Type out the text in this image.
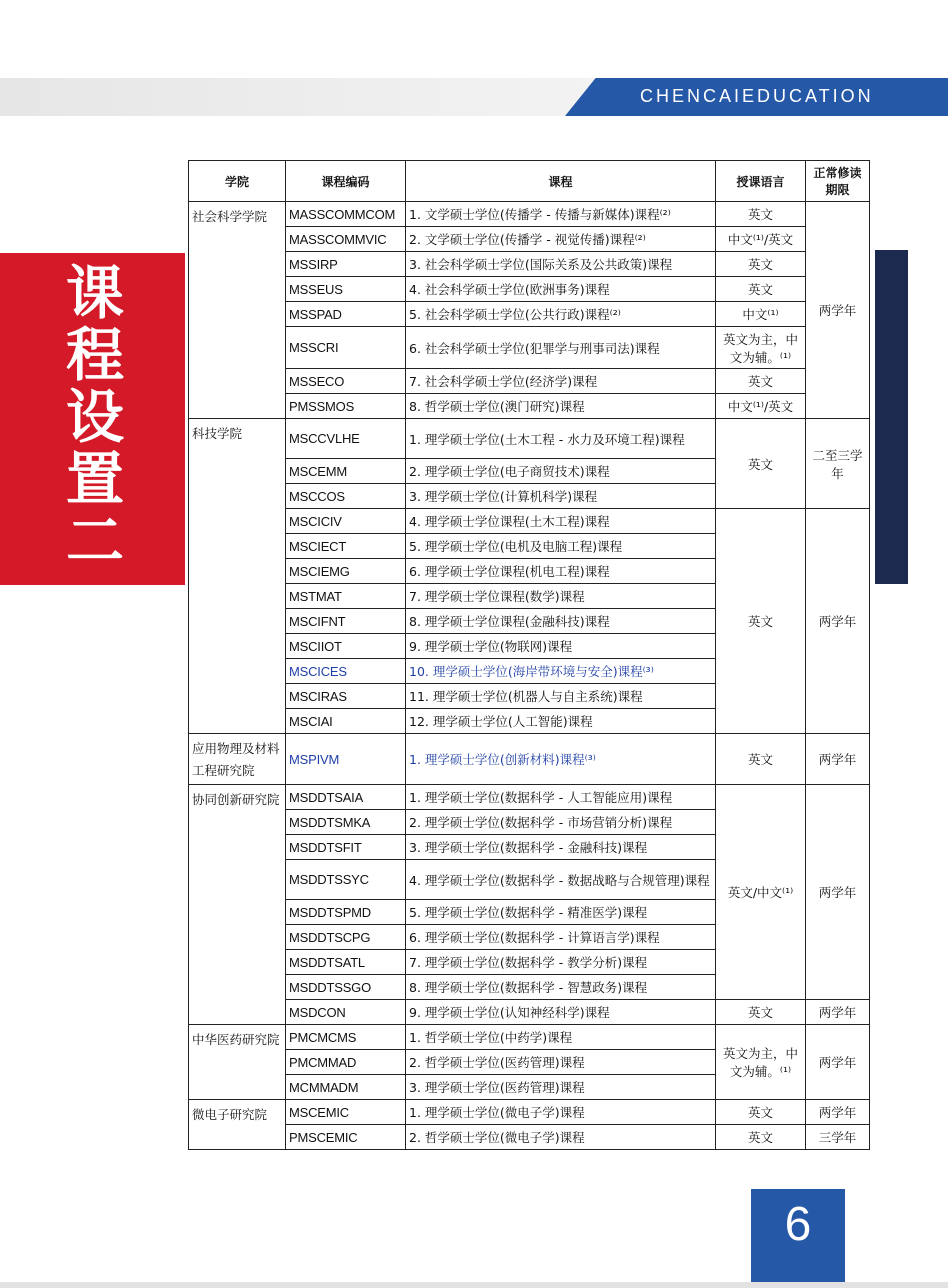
CHENCAIEDUCATION
课程设置二
学院	课程编码	课程	授课语言	正常修读期限
社会科学学院	MASSCOMMCOM	1. 文学硕士学位(传播学 - 传播与新媒体)课程⁽²⁾	英文	两学年
	MASSCOMMVIC	2. 文学硕士学位(传播学 - 视觉传播)课程⁽²⁾	中文⁽¹⁾/英文	
	MSSIRP	3. 社会科学硕士学位(国际关系及公共政策)课程	英文	
	MSSEUS	4. 社会科学硕士学位(欧洲事务)课程	英文	
	MSSPAD	5. 社会科学硕士学位(公共行政)课程⁽²⁾	中文⁽¹⁾	
	MSSCRI	6. 社会科学硕士学位(犯罪学与刑事司法)课程	英文为主，中文为辅。⁽¹⁾	
	MSSECO	7. 社会科学硕士学位(经济学)课程	英文	
	PMSSMOS	8. 哲学硕士学位(澳门研究)课程	中文⁽¹⁾/英文	
科技学院	MSCCVLHE	1. 理学硕士学位(土木工程 - 水力及环境工程)课程	英文	二至三学年
	MSCEMM	2. 理学硕士学位(电子商贸技术)课程		
	MSCCOS	3. 理学硕士学位(计算机科学)课程		
	MSCICIV	4. 理学硕士学位课程(土木工程)课程	英文	两学年
	MSCIECT	5. 理学硕士学位(电机及电脑工程)课程		
	MSCIEMG	6. 理学硕士学位课程(机电工程)课程		
	MSTMAT	7. 理学硕士学位课程(数学)课程		
	MSCIFNT	8. 理学硕士学位课程(金融科技)课程		
	MSCIIOT	9. 理学硕士学位(物联网)课程		
	MSCICES	10. 理学硕士学位(海岸带环境与安全)课程⁽³⁾		
	MSCIRAS	11. 理学硕士学位(机器人与自主系统)课程		
	MSCIAI	12. 理学硕士学位(人工智能)课程		
应用物理及材料工程研究院	MSPIVM	1. 理学硕士学位(创新材料)课程⁽³⁾	英文	两学年
协同创新研究院	MSDDTSAIA	1. 理学硕士学位(数据科学 - 人工智能应用)课程	英文/中文⁽¹⁾	两学年
	MSDDTSMKA	2. 理学硕士学位(数据科学 - 市场营销分析)课程		
	MSDDTSFIT	3. 理学硕士学位(数据科学 - 金融科技)课程		
	MSDDTSSYC	4. 理学硕士学位(数据科学 - 数据战略与合规管理)课程		
	MSDDTSPMD	5. 理学硕士学位(数据科学 - 精准医学)课程		
	MSDDTSCPG	6. 理学硕士学位(数据科学 - 计算语言学)课程		
	MSDDTSATL	7. 理学硕士学位(数据科学 - 教学分析)课程		
	MSDDTSSGO	8. 理学硕士学位(数据科学 - 智慧政务)课程		
	MSDCON	9. 理学硕士学位(认知神经科学)课程	英文	两学年
中华医药研究院	PMCMCMS	1. 哲学硕士学位(中药学)课程	英文为主，中文为辅。⁽¹⁾	两学年
	PMCMMAD	2. 哲学硕士学位(医药管理)课程		
	MCMMADM	3. 理学硕士学位(医药管理)课程		
微电子研究院	MSCEMIC	1. 理学硕士学位(微电子学)课程	英文	两学年
	PMSCEMIC	2. 哲学硕士学位(微电子学)课程	英文	三学年
6
